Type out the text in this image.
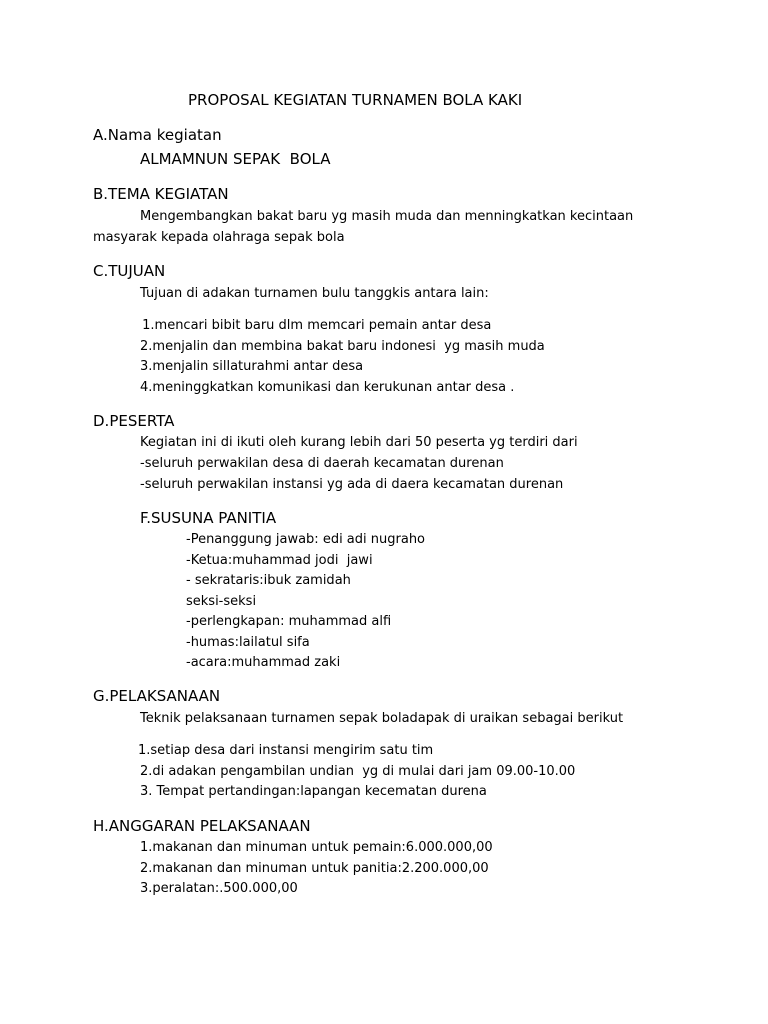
PROPOSAL KEGIATAN TURNAMEN BOLA KAKI
A.Nama kegiatan
ALMAMNUN SEPAK  BOLA
B.TEMA KEGIATAN
Mengembangkan bakat baru yg masih muda dan menningkatkan kecintaan
masyarak kepada olahraga sepak bola
C.TUJUAN
Tujuan di adakan turnamen bulu tanggkis antara lain:
1.mencari bibit baru dlm memcari pemain antar desa
2.menjalin dan membina bakat baru indonesi  yg masih muda
3.menjalin sillaturahmi antar desa
4.meninggkatkan komunikasi dan kerukunan antar desa .
D.PESERTA
Kegiatan ini di ikuti oleh kurang lebih dari 50 peserta yg terdiri dari
-seluruh perwakilan desa di daerah kecamatan durenan
-seluruh perwakilan instansi yg ada di daera kecamatan durenan
F.SUSUNA PANITIA
-Penanggung jawab: edi adi nugraho
-Ketua:muhammad jodi  jawi
- sekrataris:ibuk zamidah
seksi-seksi
-perlengkapan: muhammad alfi
-humas:lailatul sifa
-acara:muhammad zaki
G.PELAKSANAAN
Teknik pelaksanaan turnamen sepak boladapak di uraikan sebagai berikut
1.setiap desa dari instansi mengirim satu tim
2.di adakan pengambilan undian  yg di mulai dari jam 09.00-10.00
3. Tempat pertandingan:lapangan kecematan durena
H.ANGGARAN PELAKSANAAN
1.makanan dan minuman untuk pemain:6.000.000,00
2.makanan dan minuman untuk panitia:2.200.000,00
3.peralatan:.500.000,00
